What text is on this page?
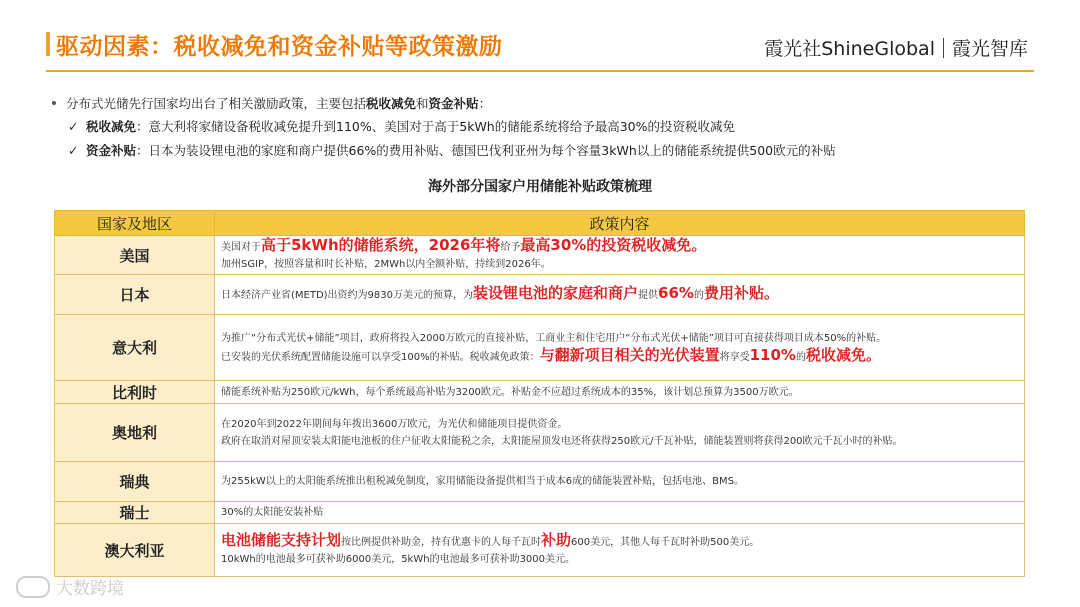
驱动因素：税收减免和资金补贴等政策激励	霞光社ShineGlobal 霞光智库
分布式光储先行国家均出台了相关激励政策，主要包括税收减免和资金补贴：
✓ 税收减免：意大利将家储设备税收减免提升到110%、美国对于高于5kWh的储能系统将给予最高30%的投资税收减免
✓ 资金补贴：日本为装设锂电池的家庭和商户提供66%的费用补贴、德国巴伐利亚州为每个容量3kWh以上的储能系统提供500欧元的补贴
海外部分国家户用储能补贴政策梳理
国家及地区	政策内容
美国	美国对于高于5kWh的储能系统，2026年将给予最高30%的投资税收减免。
加州SGIP，按照容量和时长补贴，2MWh以内全额补贴，持续到2026年。

日本	日本经济产业省(METD)出资约为9830万美元的预算，为装设锂电池的家庭和商户提供66%的费用补贴。

意大利	为推广“分布式光伏+储能”项目，政府将投入2000万欧元的直接补贴，工商业主和住宅用户“分布式光伏+储能”项目可直接获得项目成本50%的补贴。
已安装的光伏系统配置储能设施可以享受100%的补贴。税收减免政策：与翻新项目相关的光伏装置将享受110%的税收减免。

比利时	储能系统补贴为250欧元/kWh，每个系统最高补贴为3200欧元。补贴金不应超过系统成本的35%，该计划总预算为3500万欧元。

奥地利	在2020年到2022年期间每年拨出3600万欧元，为光伏和储能项目提供资金。
政府在取消对屋顶安装太阳能电池板的住户征收太阳能税之余，太阳能屋顶发电还将获得250欧元/千瓦补贴，储能装置则将获得200欧元千瓦小时的补贴。

瑞典	为255kW以上的太阳能系统推出租税减免制度，家用储能设备提供相当于成本6成的储能装置补贴，包括电池、BMS。

瑞士	30%的太阳能安装补贴

澳大利亚	电池储能支持计划按比例提供补助金，持有优惠卡的人每千瓦时补助600美元，其他人每千瓦时补助500美元。
10kWh的电池最多可获补助6000美元，5kWh的电池最多可获补助3000美元。
大数跨境
